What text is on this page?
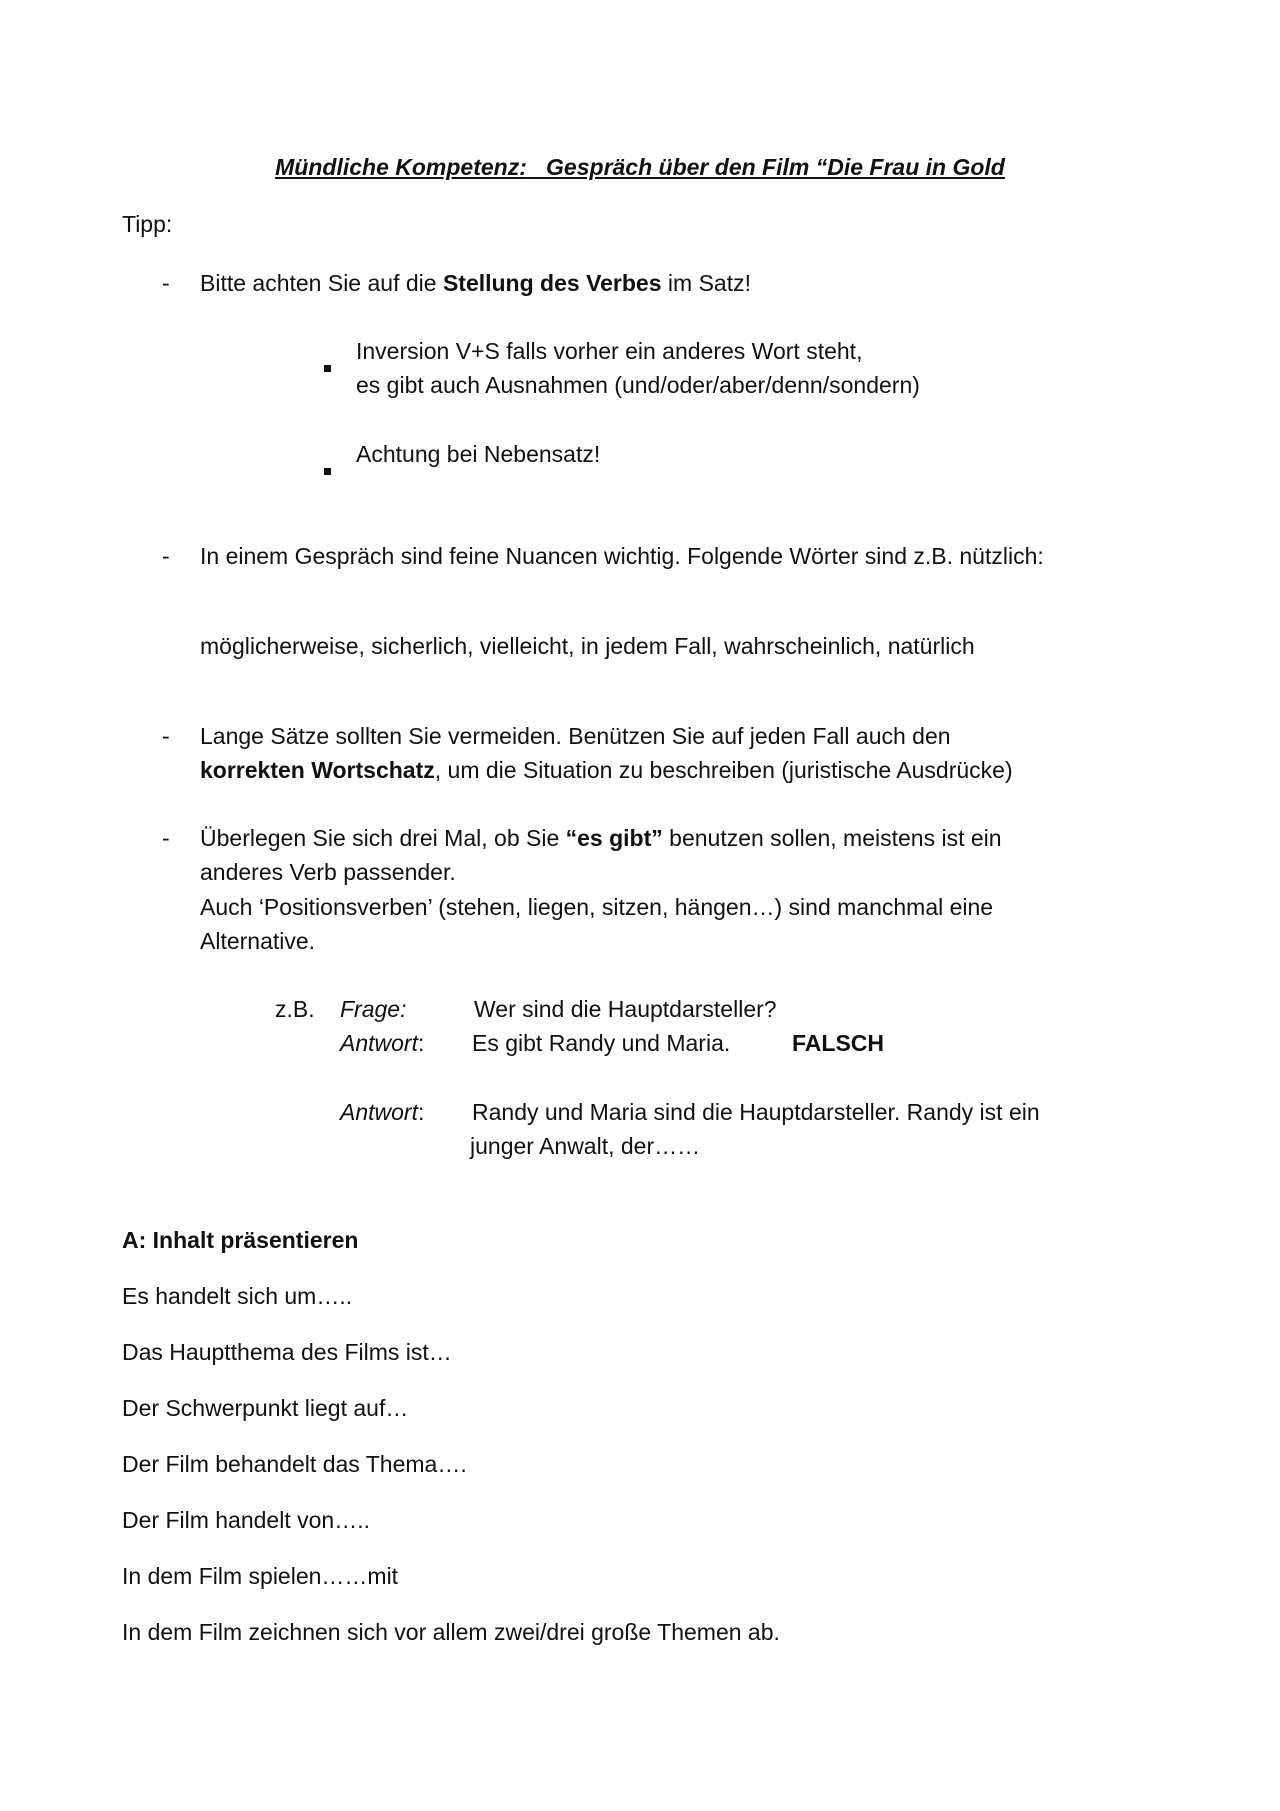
Mündliche Kompetenz: Gespräch über den Film “Die Frau in Gold
Tipp:
- Bitte achten Sie auf die Stellung des Verbes im Satz!
Inversion V+S falls vorher ein anderes Wort steht,
es gibt auch Ausnahmen (und/oder/aber/denn/sondern)
Achtung bei Nebensatz!
- In einem Gespräch sind feine Nuancen wichtig. Folgende Wörter sind z.B. nützlich:
möglicherweise, sicherlich, vielleicht, in jedem Fall, wahrscheinlich, natürlich
- Lange Sätze sollten Sie vermeiden. Benützen Sie auf jeden Fall auch den
korrekten Wortschatz, um die Situation zu beschreiben (juristische Ausdrücke)
- Überlegen Sie sich drei Mal, ob Sie “es gibt” benutzen sollen, meistens ist ein
anderes Verb passender.
Auch ‘Positionsverben’ (stehen, liegen, sitzen, hängen…) sind manchmal eine
Alternative.
z.B. Frage:	Wer sind die Hauptdarsteller?
Antwort: Es gibt Randy und Maria.	FALSCH
Antwort: Randy und Maria sind die Hauptdarsteller. Randy ist ein
junger Anwalt, der……
A: Inhalt präsentieren
Es handelt sich um…..
Das Hauptthema des Films ist…
Der Schwerpunkt liegt auf…
Der Film behandelt das Thema….
Der Film handelt von…..
In dem Film spielen……mit
In dem Film zeichnen sich vor allem zwei/drei große Themen ab.
